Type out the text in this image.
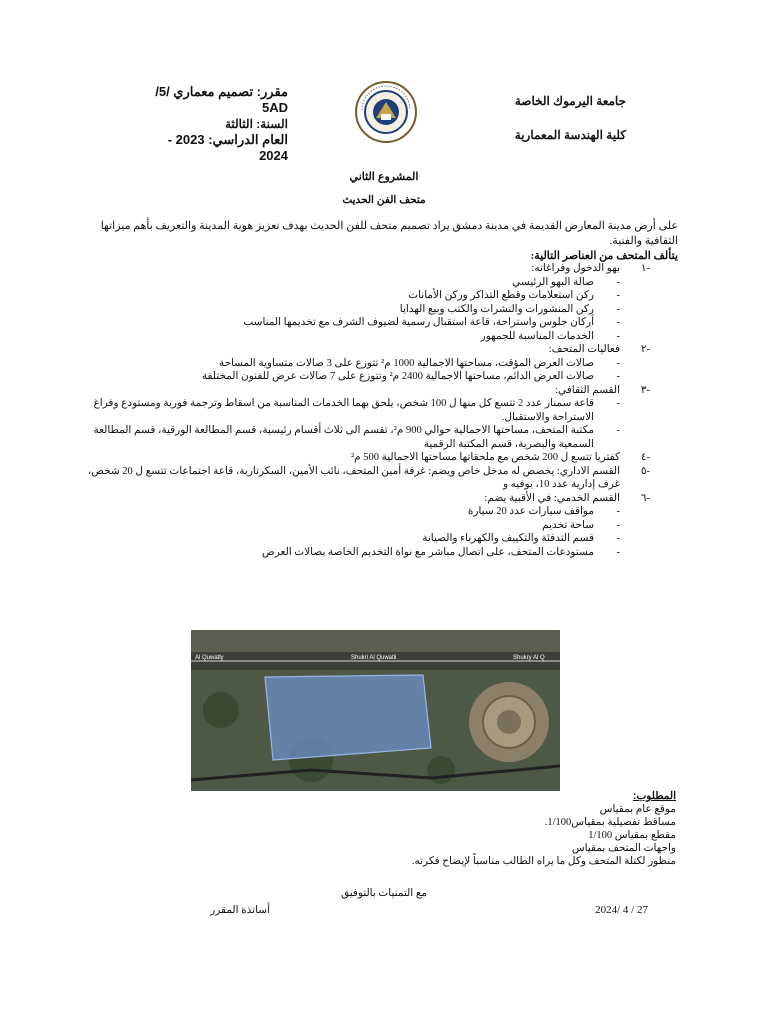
جامعة اليرموك الخاصة
كلية الهندسة المعمارية
مقرر: تصميم معماري /5/ 5AD
السنة: الثالثة
العام الدراسي: 2023 - 2024
المشروع الثاني
متحف الفن الحديث
على أرض مدينة المعارض القديمة في مدينة دمشق يراد تصميم متحف للفن الحديث بهدف تعزيز هوية المدينة والتعريف بأهم ميزاتها الثقافية والفنية.
يتألف المتحف من العناصر التالية:
-١
بهو الدخول وفراغاته:
-
صالة البهو الرئيسي
-
ركن استعلامات وقطع التذاكر وركن الأمانات
-
ركن المنشورات والنشرات والكتب وبيع الهدايا
-
أركان جلوس واستراحة، قاعة استقبال رسمية لضيوف الشرف مع تخديمها المناسب
-
الخدمات المناسبة للجمهور
-٢
فعاليات المتحف:
-
صالات العرض المؤقت، مساحتها الاجمالية 1000 م² تتوزع على 3 صالات متساوية المساحة
-
صالات العرض الدائم، مساحتها الاجمالية 2400 م² وتتوزع على 7 صالات عرض للفنون المختلفة
-٣
القسم الثقافي:
-
قاعة سمنار عدد 2 تتسع كل منها ل 100 شخص، يلحق بهما الخدمات المناسبة من اسقاط وترجمة فورية ومستودع وفراغ الاستراحة والاستقبال.
-
مكتبة المتحف، مساحتها الاجمالية حوالي 900 م²، تقسم الى ثلاث أقسام رئيسية، قسم المطالعة الورقية، قسم المطالعة السمعية والبصرية، قسم المكتبة الرقمية
-٤
كفتريا تتسع ل 200 شخص مع ملحقاتها مساحتها الاجمالية 500 م²
-٥
القسم الاداري: يخصص له مدخل خاص ويضم: غرفة أمين المتحف، نائب الأمين، السكرتارية، قاعة اجتماعات تتسع ل 20 شخص، غرف إدارية عدد 10، بوفيه و
-٦
القسم الخدمي: في الأقبية يضم:
-
مواقف سيارات عدد 20 سيارة
-
ساحة تخديم
-
قسم التدفئة والتكييف والكهرباء والصيانة
-
مستودعات المتحف، على اتصال مباشر مع نواة التخديم الخاصة بصالات العرض
Al Quwatly	Shukri Al Quwatli	Shukry Al Q
المطلوب:
موقع عام بمقياس
مساقط تفصيلية بمقياس1/100.
مقطع بمقياس 1/100
واجهات المتحف بمقياس
منظور لكتلة المتحف وكل ما يراه الطالب مناسباً لإيضاح فكرته.
مع التمنيات بالتوفيق
أساتذة المقرر	2024/ 4 / 27
